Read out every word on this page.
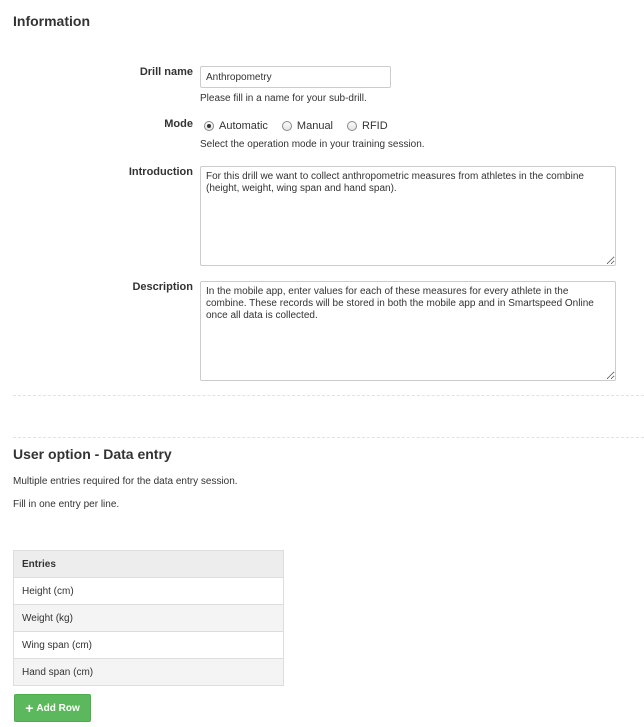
Information
Drill name
Anthropometry
Please fill in a name for your sub-drill.
Mode Automatic	Manual	RFID
Select the operation mode in your training session.
Introduction
For this drill we want to collect anthropometric measures from athletes in the combine (height, weight, wing span and hand span).
Description
In the mobile app, enter values for each of these measures for every athlete in the combine. These records will be stored in both the mobile app and in Smartspeed Online once all data is collected.
User option - Data entry
Multiple entries required for the data entry session.
Fill in one entry per line.
Entries
Height (cm)
Weight (kg)
Wing span (cm)
Hand span (cm)
+ Add Row
